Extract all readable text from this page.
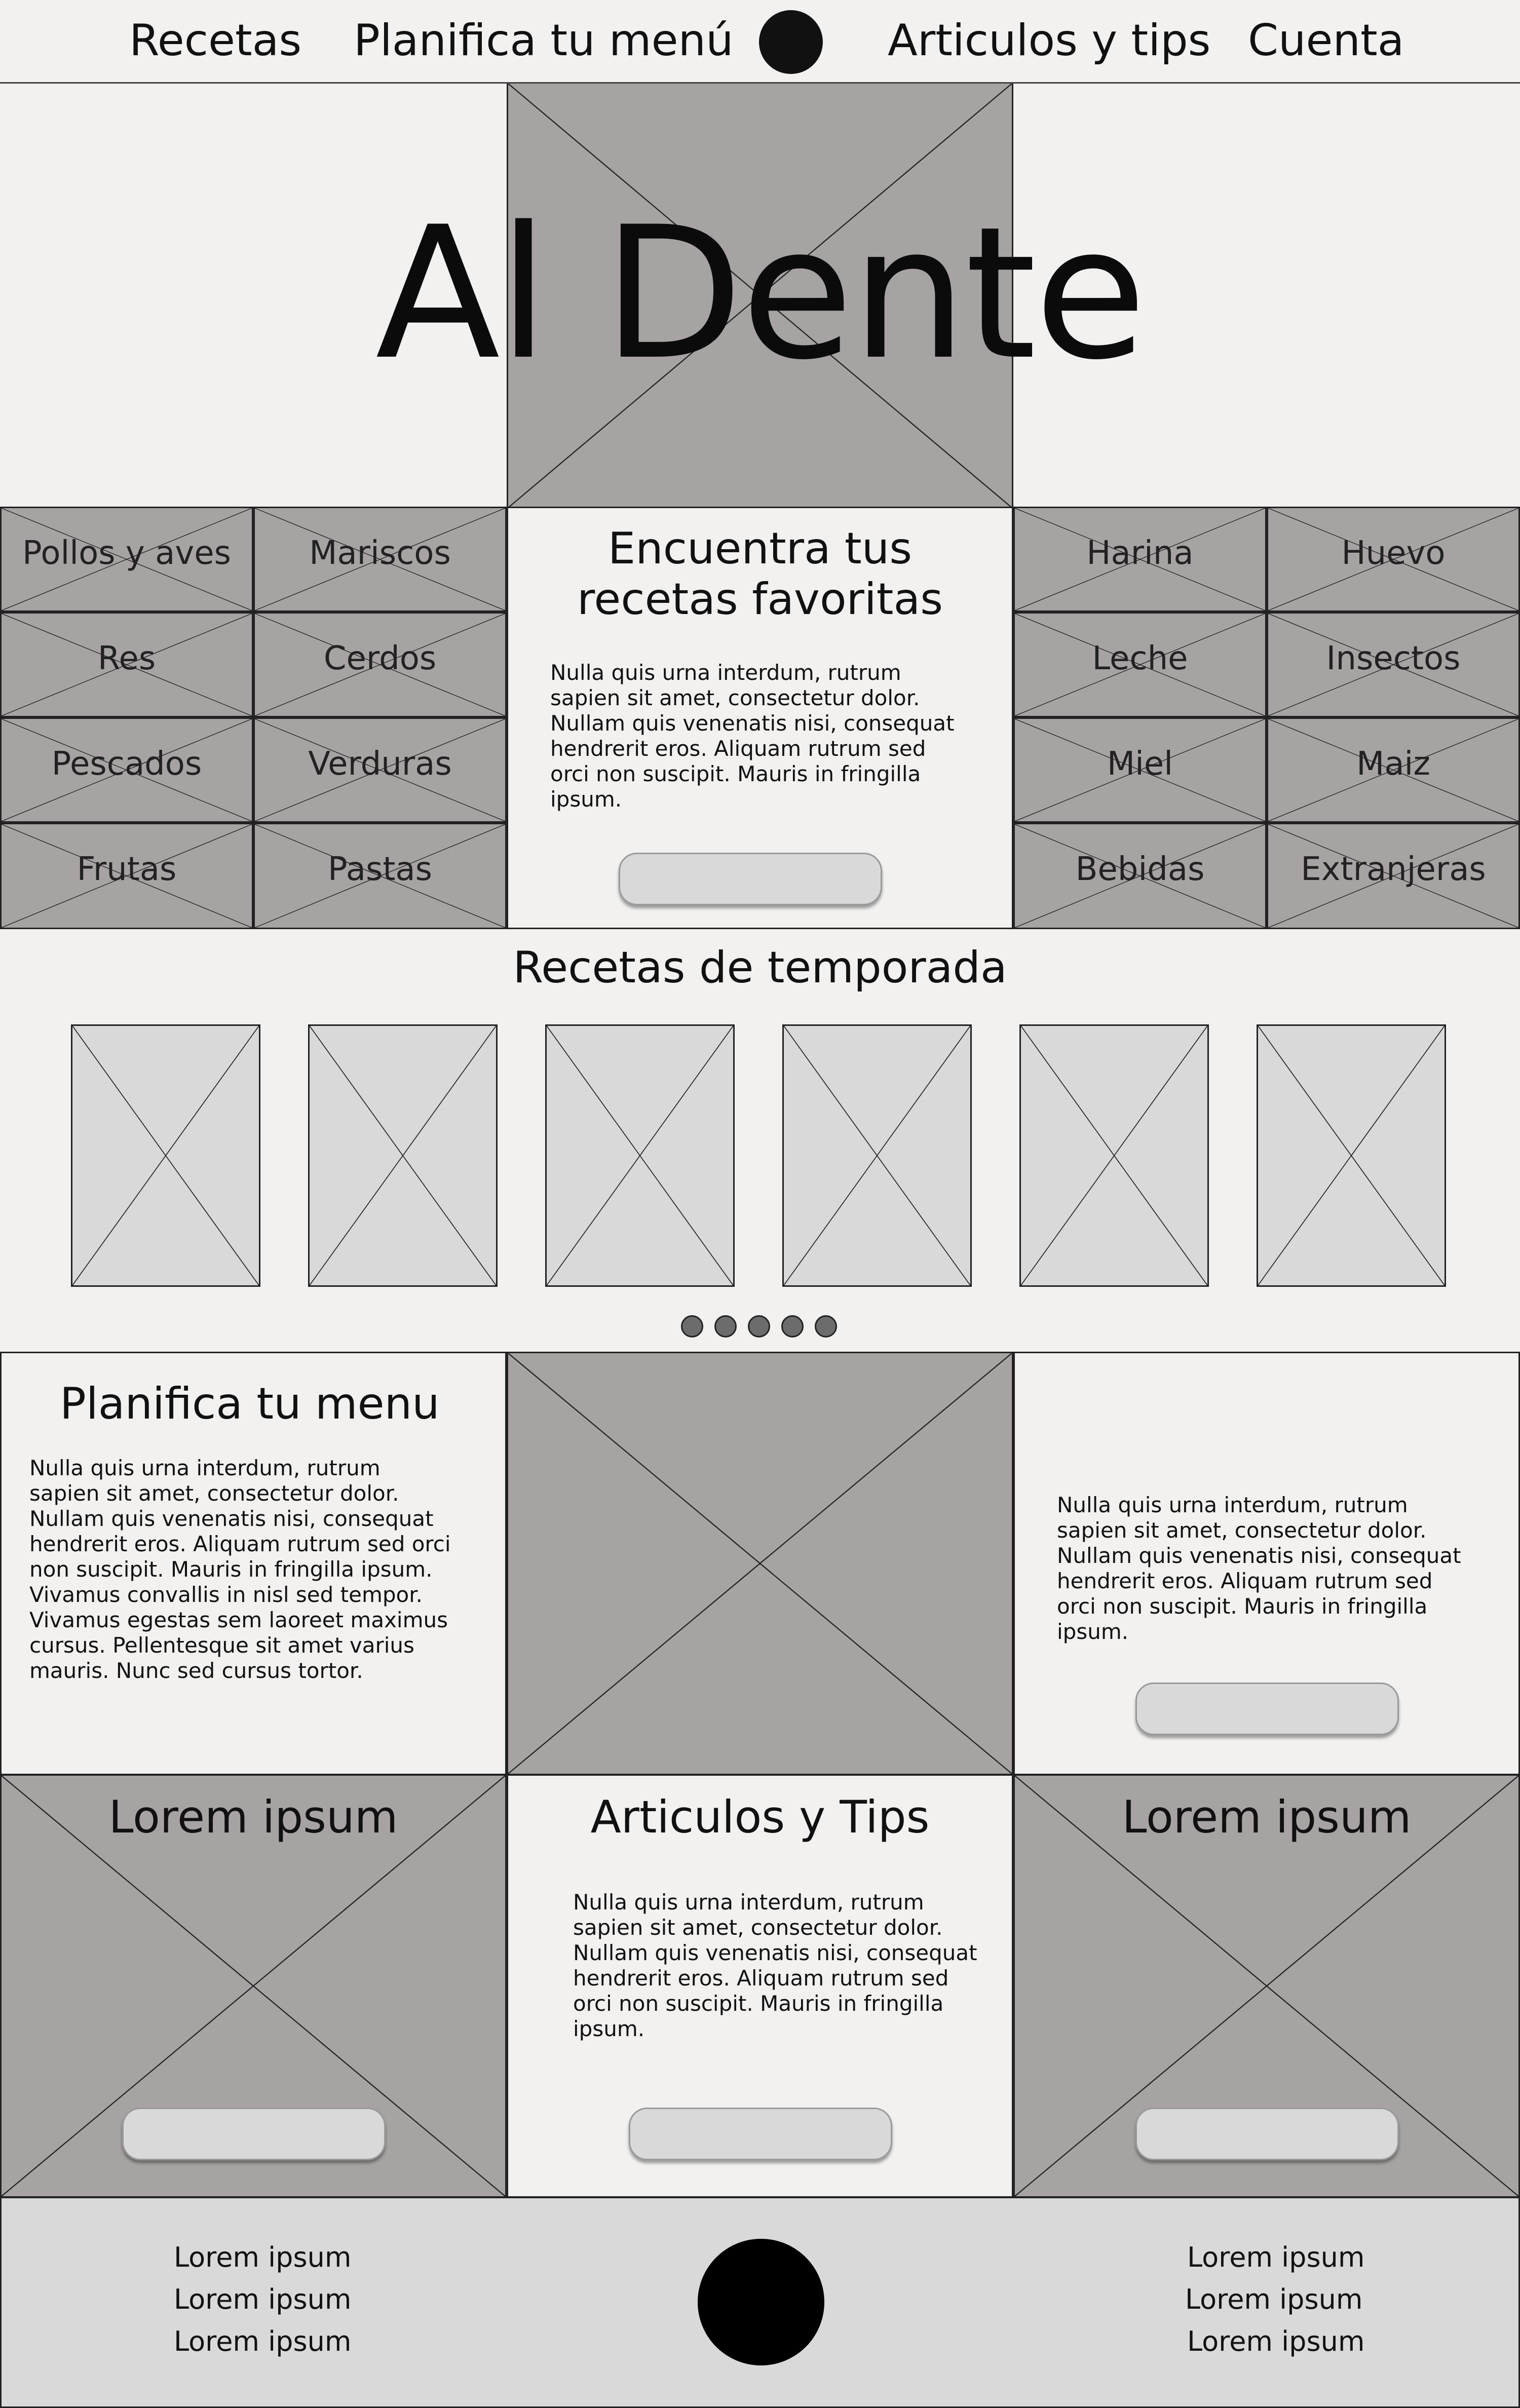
Recetas Planifica tu menú	Articulos y tips Cuenta
Al Dente
Pollos y aves	Mariscos
Res	Cerdos
Pescados	Verduras
Frutas	Pastas
Harina	Huevo
Leche	Insectos
Miel	Maiz
Bebidas	Extranjeras
Encuentra tus recetas favoritas
Nulla quis urna interdum, rutrum sapien sit amet, consectetur dolor. Nullam quis venenatis nisi, consequat hendrerit eros. Aliquam rutrum sed orci non suscipit. Mauris in fringilla ipsum.
Recetas de temporada
Planifica tu menu
Nulla quis urna interdum, rutrum sapien sit amet, consectetur dolor. Nullam quis venenatis nisi, consequat hendrerit eros. Aliquam rutrum sed orci non suscipit. Mauris in fringilla ipsum. Vivamus convallis in nisl sed tempor. Vivamus egestas sem laoreet maximus cursus. Pellentesque sit amet varius mauris. Nunc sed cursus tortor.
Nulla quis urna interdum, rutrum sapien sit amet, consectetur dolor. Nullam quis venenatis nisi, consequat hendrerit eros. Aliquam rutrum sed orci non suscipit. Mauris in fringilla ipsum.
Lorem ipsum	Articulos y Tips
Nulla quis urna interdum, rutrum sapien sit amet, consectetur dolor. Nullam quis venenatis nisi, consequat hendrerit eros. Aliquam rutrum sed orci non suscipit. Mauris in fringilla ipsum.
Lorem ipsum
Lorem ipsum
Lorem ipsum
Lorem ipsum
Lorem ipsum
Lorem ipsum
Lorem ipsum
